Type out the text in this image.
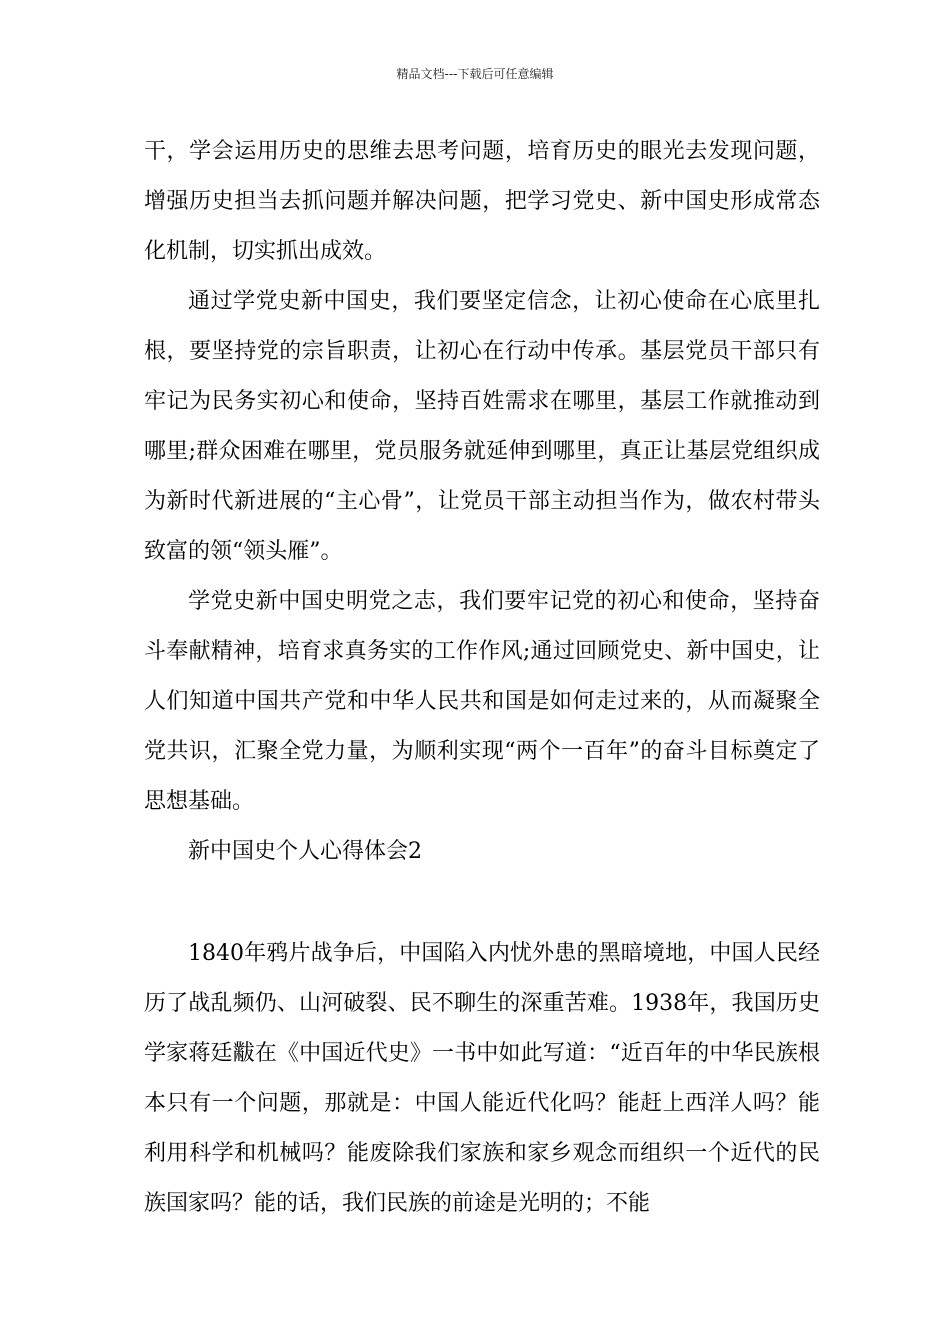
精品文档---下载后可任意编辑

干，学会运用历史的思维去思考问题，培育历史的眼光去发现问题，增强历史担当去抓问题并解决问题，把学习党史、新中国史形成常态化机制，切实抓出成效。

通过学党史新中国史，我们要坚定信念，让初心使命在心底里扎根，要坚持党的宗旨职责，让初心在行动中传承。基层党员干部只有牢记为民务实初心和使命，坚持百姓需求在哪里，基层工作就推动到哪里;群众困难在哪里，党员服务就延伸到哪里，真正让基层党组织成为新时代新进展的“主心骨”，让党员干部主动担当作为，做农村带头致富的领“领头雁”。

学党史新中国史明党之志，我们要牢记党的初心和使命，坚持奋斗奉献精神，培育求真务实的工作作风;通过回顾党史、新中国史，让人们知道中国共产党和中华人民共和国是如何走过来的，从而凝聚全党共识，汇聚全党力量，为顺利实现“两个一百年”的奋斗目标奠定了思想基础。

新中国史个人心得体会2

1840年鸦片战争后，中国陷入内忧外患的黑暗境地，中国人民经历了战乱频仍、山河破裂、民不聊生的深重苦难。1938年，我国历史学家蒋廷黻在《中国近代史》一书中如此写道：“近百年的中华民族根本只有一个问题，那就是：中国人能近代化吗？能赶上西洋人吗？能利用科学和机械吗？能废除我们家族和家乡观念而组织一个近代的民族国家吗？能的话，我们民族的前途是光明的；不能
